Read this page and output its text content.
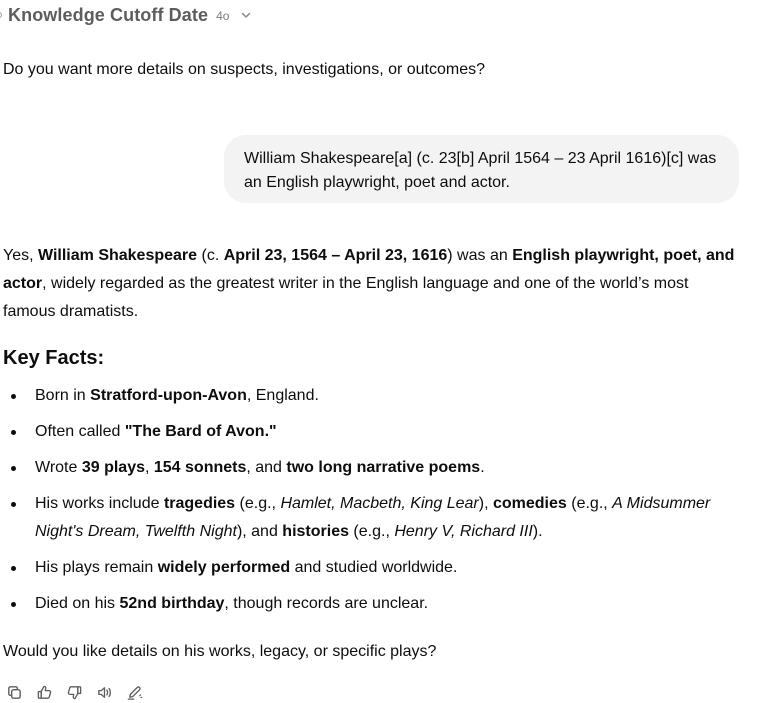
Knowledge Cutoff Date 4o
Do you want more details on suspects, investigations, or outcomes?
William Shakespeare[a] (c. 23[b] April 1564 – 23 April 1616)[c] was an English playwright, poet and actor.
Yes, William Shakespeare (c. April 23, 1564 – April 23, 1616) was an English playwright, poet, and actor, widely regarded as the greatest writer in the English language and one of the world’s most famous dramatists.
Key Facts:
Born in Stratford-upon-Avon, England.
Often called "The Bard of Avon."
Wrote 39 plays, 154 sonnets, and two long narrative poems.
His works include tragedies (e.g., Hamlet, Macbeth, King Lear), comedies (e.g., A Midsummer Night's Dream, Twelfth Night), and histories (e.g., Henry V, Richard III).
His plays remain widely performed and studied worldwide.
Died on his 52nd birthday, though records are unclear.
Would you like details on his works, legacy, or specific plays?
